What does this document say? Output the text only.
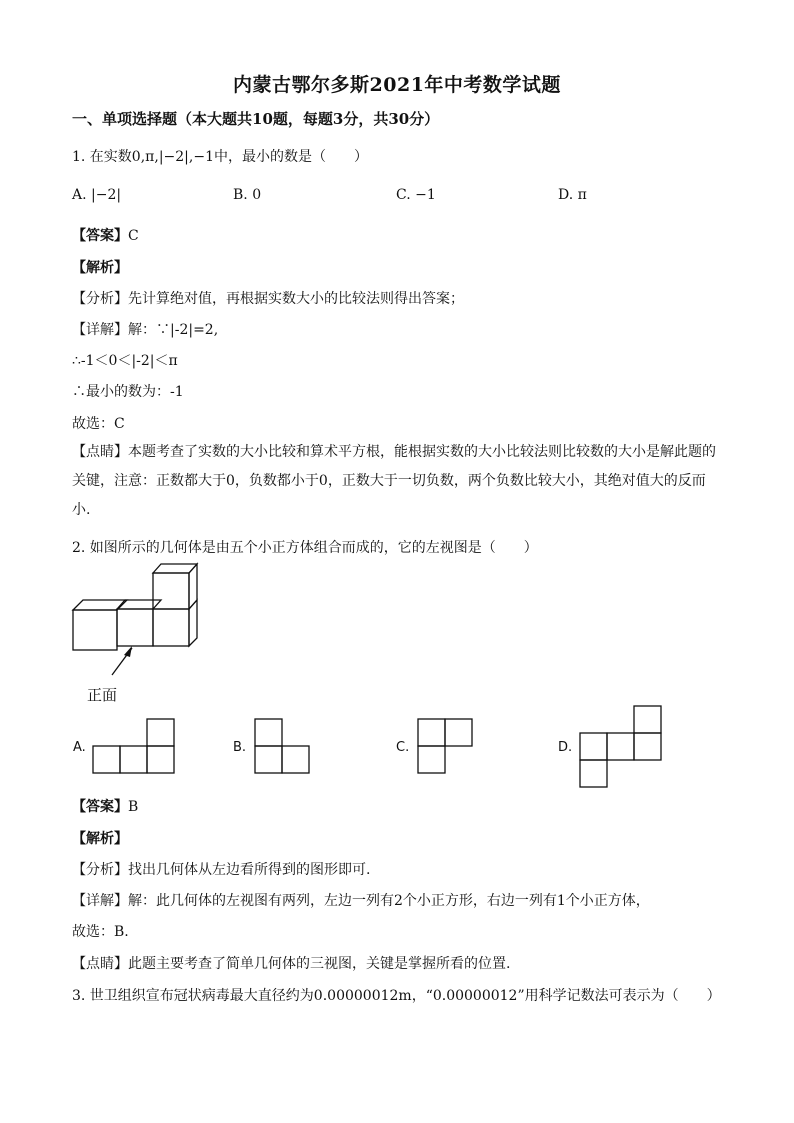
内蒙古鄂尔多斯2021年中考数学试题
一、单项选择题（本大题共10题，每题3分，共30分）
1. 在实数0,π,|−2|,−1中，最小的数是（　　）
A. |−2|	B. 0	C. −1	D. π
【答案】C
【解析】
【分析】先计算绝对值，再根据实数大小的比较法则得出答案；
【详解】解：∵|-2|=2,
∴-1＜0＜|-2|＜π
∴最小的数为：-1
故选：C
【点睛】本题考查了实数的大小比较和算术平方根，能根据实数的大小比较法则比较数的大小是解此题的关键，注意：正数都大于0，负数都小于0，正数大于一切负数，两个负数比较大小，其绝对值大的反而小.
2. 如图所示的几何体是由五个小正方体组合而成的，它的左视图是（　　）
正面
A.	B.	C.	D.
【答案】B
【解析】
【分析】找出几何体从左边看所得到的图形即可.
【详解】解：此几何体的左视图有两列，左边一列有2个小正方形，右边一列有1个小正方体，
故选：B.
【点睛】此题主要考查了简单几何体的三视图，关键是掌握所看的位置.
3. 世卫组织宣布冠状病毒最大直径约为0.00000012m，“0.00000012”用科学记数法可表示为（　　）
